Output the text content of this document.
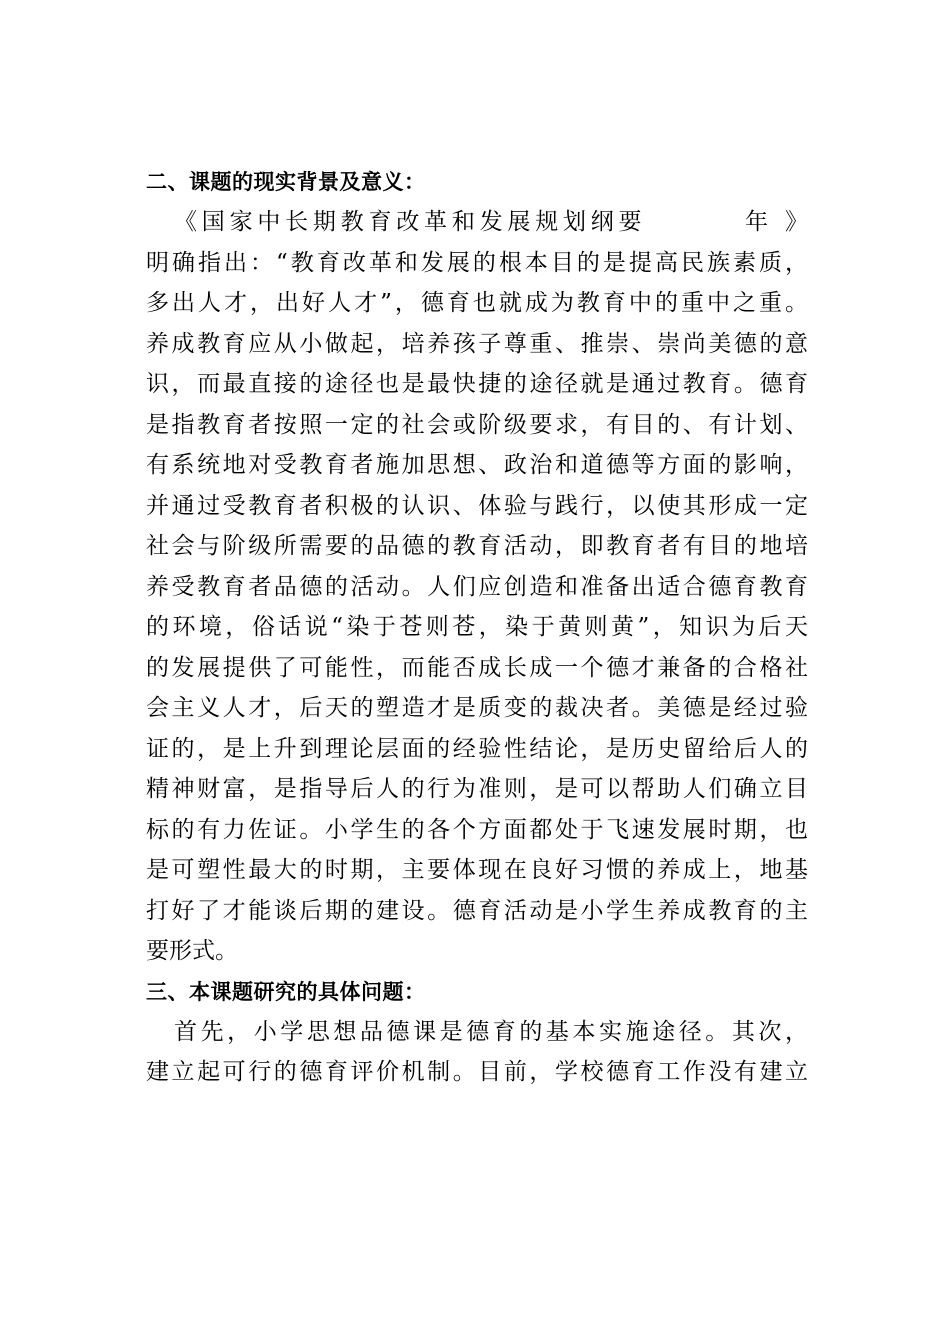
二、课题的现实背景及意义：
《国家中长期教育改革和发展规划纲要	年 》
明确指出：“教育改革和发展的根本目的是提高民族素质，
多出人才，出好人才”，德育也就成为教育中的重中之重。
养成教育应从小做起，培养孩子尊重、推崇、崇尚美德的意
识，而最直接的途径也是最快捷的途径就是通过教育。德育
是指教育者按照一定的社会或阶级要求，有目的、有计划、
有系统地对受教育者施加思想、政治和道德等方面的影响，
并通过受教育者积极的认识、体验与践行，以使其形成一定
社会与阶级所需要的品德的教育活动，即教育者有目的地培
养受教育者品德的活动。人们应创造和准备出适合德育教育
的环境，俗话说“染于苍则苍，染于黄则黄”，知识为后天
的发展提供了可能性，而能否成长成一个德才兼备的合格社
会主义人才，后天的塑造才是质变的裁决者。美德是经过验
证的，是上升到理论层面的经验性结论，是历史留给后人的
精神财富，是指导后人的行为准则，是可以帮助人们确立目
标的有力佐证。小学生的各个方面都处于飞速发展时期，也
是可塑性最大的时期，主要体现在良好习惯的养成上，地基
打好了才能谈后期的建设。德育活动是小学生养成教育的主
要形式。
三、本课题研究的具体问题：
首先，小学思想品德课是德育的基本实施途径。其次，
建立起可行的德育评价机制。目前，学校德育工作没有建立
